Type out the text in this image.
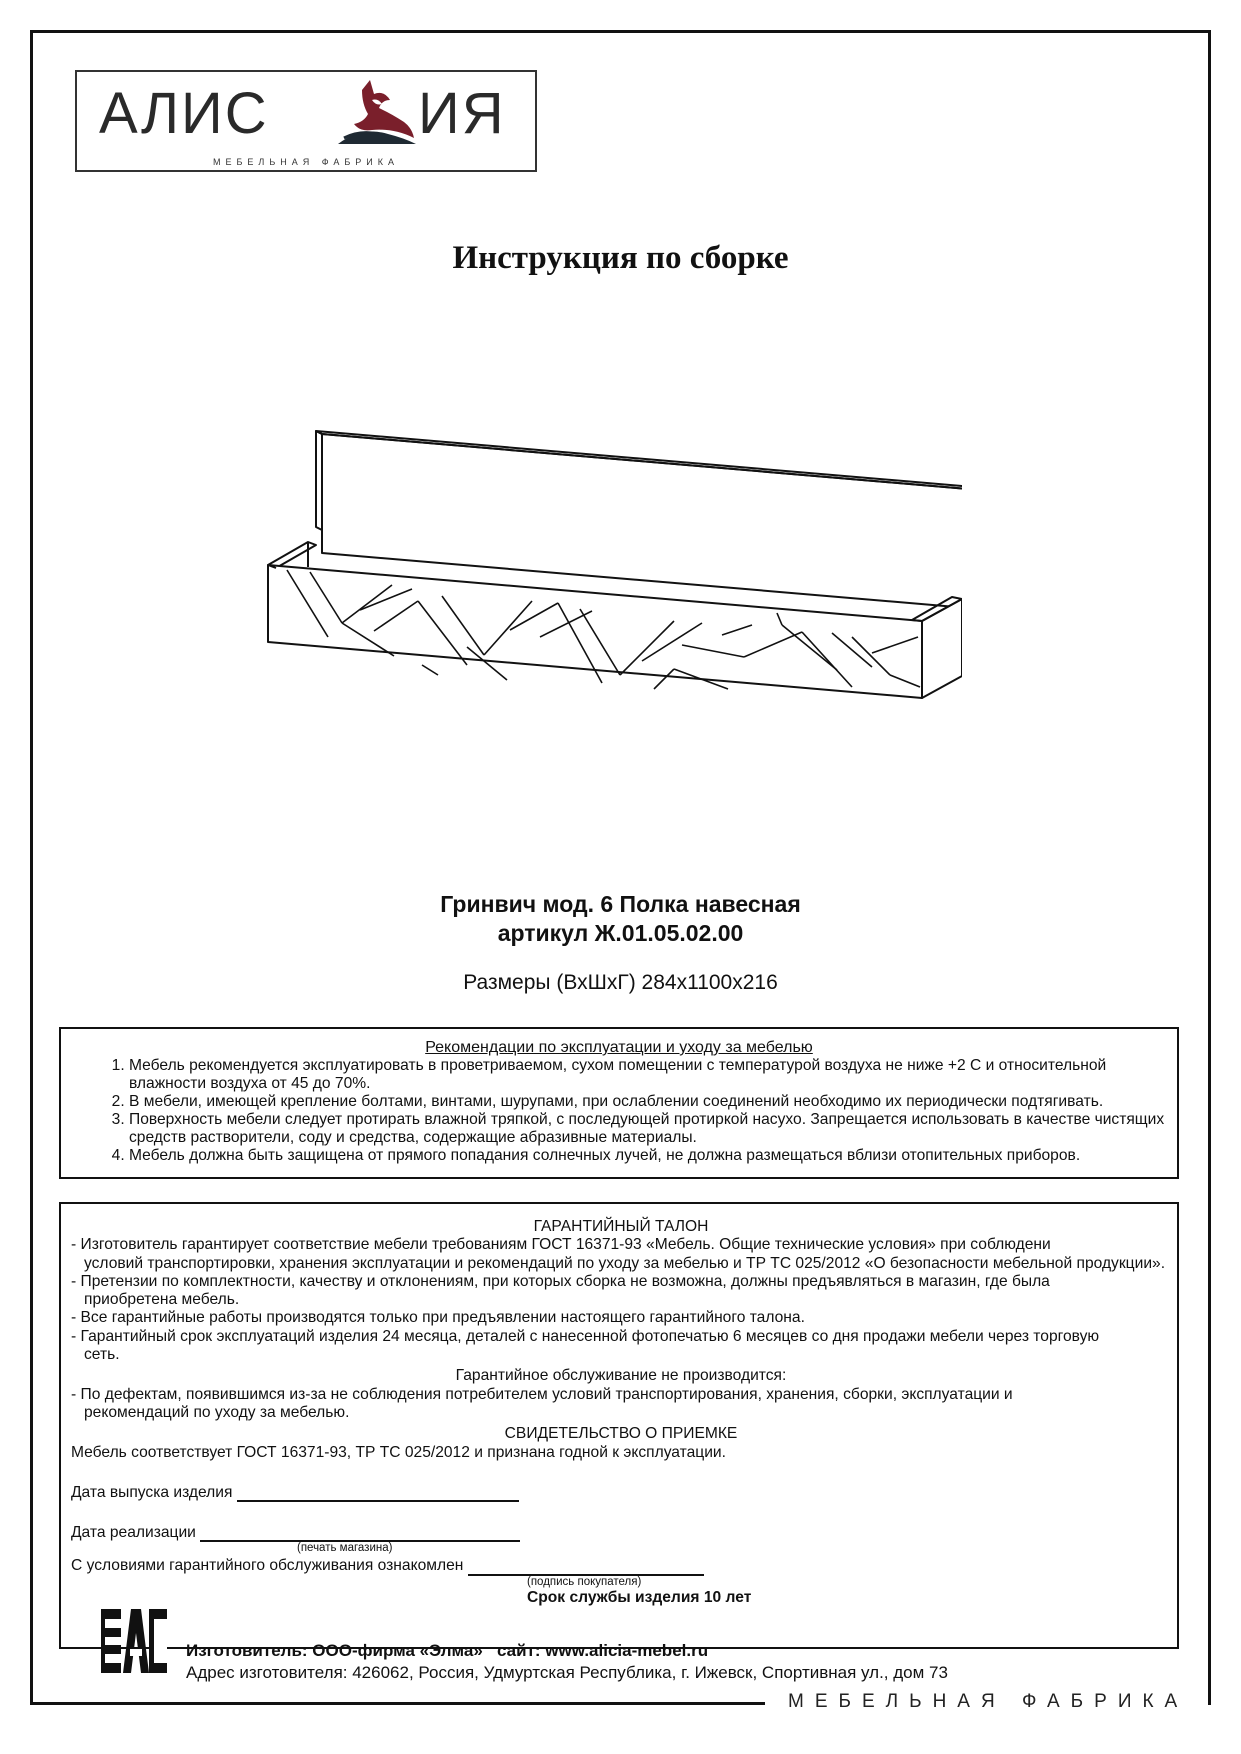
МЕБЕЛЬНАЯ ФАБРИКА
АЛИС	ИЯ
$^{МЕБЕЛЬНАЯ ФАБРИКА}$
Инструкция по сборке
Гринвич мод. 6 Полка навесная
артикул Ж.01.05.02.00
Размеры (ВхШхГ) 284х1100х216
Рекомендации по эксплуатации и уходу за мебелью
1. Мебель рекомендуется эксплуатировать в проветриваемом, сухом помещении с температурой воздуха не ниже +2 С и относительной влажности воздуха от 45 до 70%.
2. В мебели, имеющей крепление болтами, винтами, шурупами, при ослаблении соединений необходимо их периодически подтягивать.
3. Поверхность мебели следует протирать влажной тряпкой, с последующей протиркой насухо. Запрещается использовать в качестве чистящих средств растворители, соду и средства, содержащие абразивные материалы.
4. Мебель должна быть защищена от прямого попадания солнечных лучей, не должна размещаться вблизи отопительных приборов.
ГАРАНТИЙНЫЙ ТАЛОН
- Изготовитель гарантирует соответствие мебели требованиям ГОСТ 16371-93 «Мебель. Общие технические условия» при соблюдени
условий транспортировки, хранения эксплуатации и рекомендаций по уходу за мебелью и ТР ТС 025/2012 «О безопасности мебельной продукции».
- Претензии по комплектности, качеству и отклонениям, при которых сборка не возможна, должны предъявляться в магазин, где была
приобретена мебель.
- Все гарантийные работы производятся только при предъявлении настоящего гарантийного талона.
- Гарантийный срок эксплуатаций изделия 24 месяца, деталей с нанесенной фотопечатью 6 месяцев со дня продажи мебели через торговую
сеть.
Гарантийное обслуживание не производится:
- По дефектам, появившимся из-за не соблюдения потребителем условий транспортирования, хранения, сборки, эксплуатации и
рекомендаций по уходу за мебелью.
СВИДЕТЕЛЬСТВО О ПРИЕМКЕ
Мебель соответствует ГОСТ 16371-93, ТР ТС 025/2012 и признана годной к эксплуатации.
Дата выпуска изделия
Дата реализации
(печать магазина)
С условиями гарантийного обслуживания ознакомлен
(подпись покупателя)
Срок службы изделия 10 лет
Изготовитель: ООО-фирма «Элма» сайт: www.alicia-mebel.ru
Адрес изготовителя: 426062, Россия, Удмуртская Республика, г. Ижевск, Спортивная ул., дом 73
